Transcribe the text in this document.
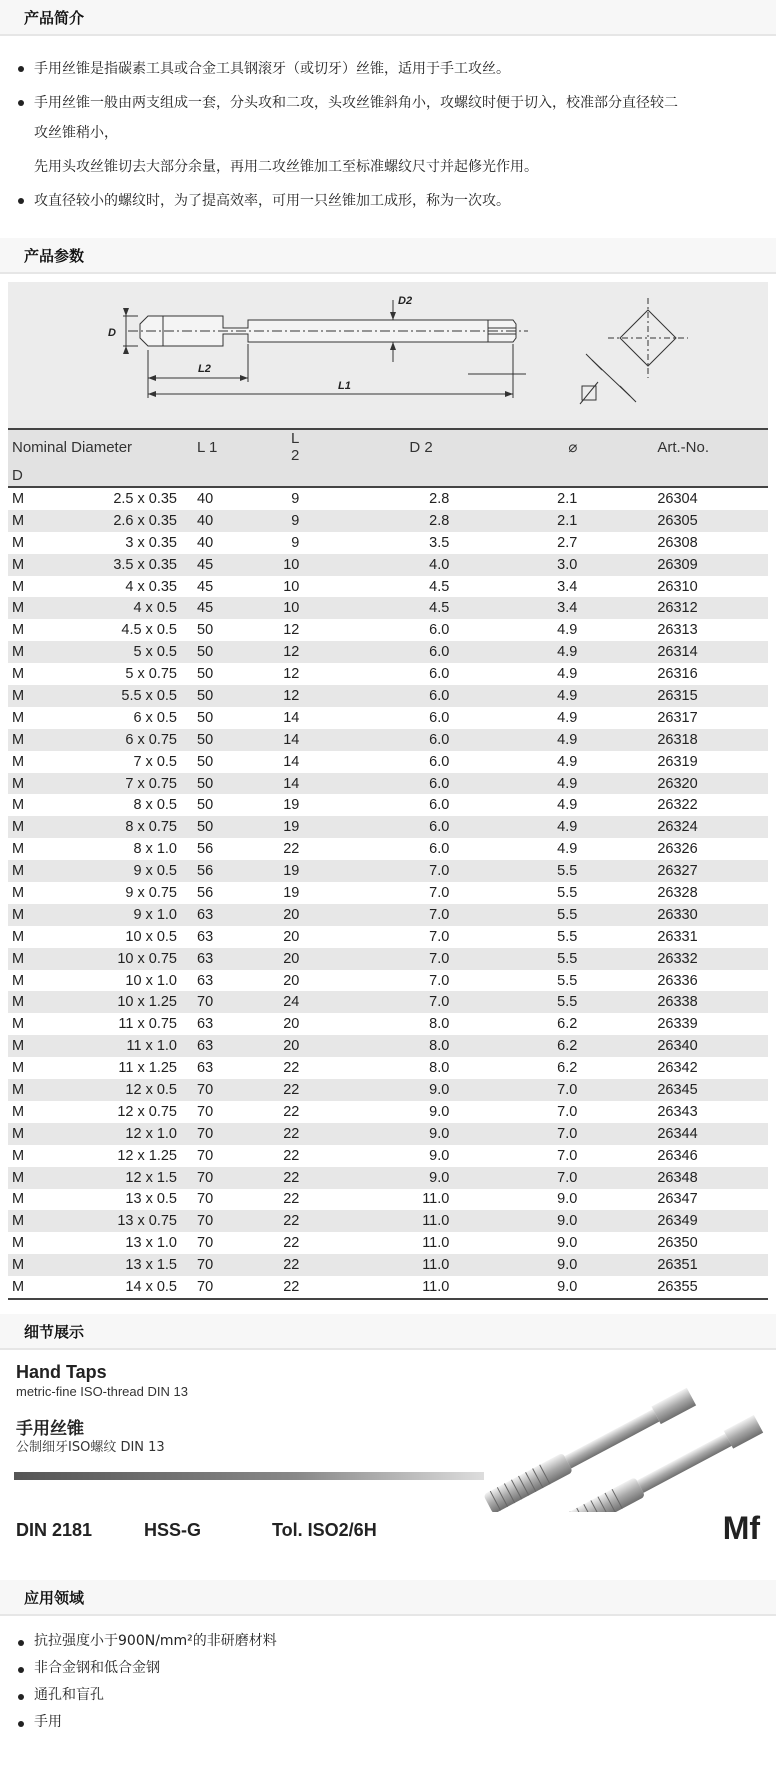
产品简介
手用丝锥是指碳素工具或合金工具钢滚牙（或切牙）丝锥，适用于手工攻丝。
手用丝锥一般由两支组成一套，分头攻和二攻，头攻丝锥斜角小，攻螺纹时便于切入，校准部分直径较二
攻丝锥稍小，
先用头攻丝锥切去大部分余量，再用二攻丝锥加工至标准螺纹尺寸并起修光作用。
攻直径较小的螺纹时，为了提高效率，可用一只丝锥加工成形，称为一次攻。
产品参数
D
D2
L2
L1
Nominal Diameter		L 1	L 2	D 2	⌀	Art.-No.
D						
M	2.5 x 0.35	40	9	2.8	2.1	26304
M	2.6 x 0.35	40	9	2.8	2.1	26305
M	3 x 0.35	40	9	3.5	2.7	26308
M	3.5 x 0.35	45	10	4.0	3.0	26309
M	4 x 0.35	45	10	4.5	3.4	26310
M	4 x 0.5	45	10	4.5	3.4	26312
M	4.5 x 0.5	50	12	6.0	4.9	26313
M	5 x 0.5	50	12	6.0	4.9	26314
M	5 x 0.75	50	12	6.0	4.9	26316
M	5.5 x 0.5	50	12	6.0	4.9	26315
M	6 x 0.5	50	14	6.0	4.9	26317
M	6 x 0.75	50	14	6.0	4.9	26318
M	7 x 0.5	50	14	6.0	4.9	26319
M	7 x 0.75	50	14	6.0	4.9	26320
M	8 x 0.5	50	19	6.0	4.9	26322
M	8 x 0.75	50	19	6.0	4.9	26324
M	8 x 1.0	56	22	6.0	4.9	26326
M	9 x 0.5	56	19	7.0	5.5	26327
M	9 x 0.75	56	19	7.0	5.5	26328
M	9 x 1.0	63	20	7.0	5.5	26330
M	10 x 0.5	63	20	7.0	5.5	26331
M	10 x 0.75	63	20	7.0	5.5	26332
M	10 x 1.0	63	20	7.0	5.5	26336
M	10 x 1.25	70	24	7.0	5.5	26338
M	11 x 0.75	63	20	8.0	6.2	26339
M	11 x 1.0	63	20	8.0	6.2	26340
M	11 x 1.25	63	22	8.0	6.2	26342
M	12 x 0.5	70	22	9.0	7.0	26345
M	12 x 0.75	70	22	9.0	7.0	26343
M	12 x 1.0	70	22	9.0	7.0	26344
M	12 x 1.25	70	22	9.0	7.0	26346
M	12 x 1.5	70	22	9.0	7.0	26348
M	13 x 0.5	70	22	11.0	9.0	26347
M	13 x 0.75	70	22	11.0	9.0	26349
M	13 x 1.0	70	22	11.0	9.0	26350
M	13 x 1.5	70	22	11.0	9.0	26351
M	14 x 0.5	70	22	11.0	9.0	26355
细节展示
Hand Taps
metric-fine ISO-thread DIN 13
手用丝锥
公制细牙ISO螺纹 DIN 13
DIN 2181	HSS-G	Tol. ISO2/6H	Mf
应用领域
抗拉强度小于900N/mm²的非研磨材料
非合金钢和低合金钢
通孔和盲孔
手用
